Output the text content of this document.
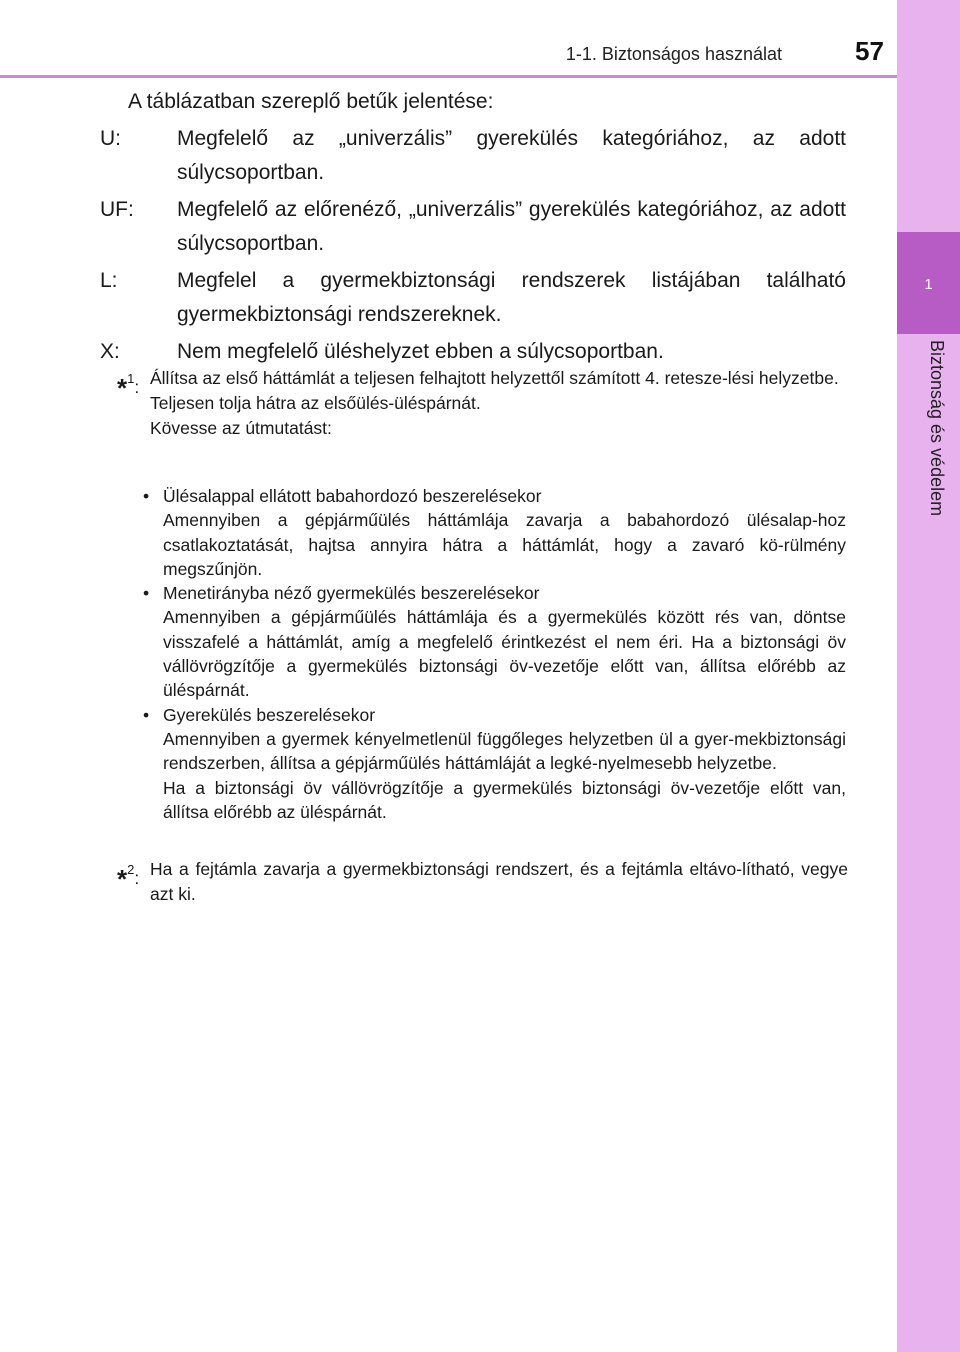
1
Biztonság és védelem
1-1. Biztonságos használat	57
A táblázatban szereplő betűk jelentése:
U:	Megfelelő az „univerzális” gyerekülés kategóriához, az adott súlycsoportban.
UF: Megfelelő az előrenéző, „univerzális” gyerekülés kategóriához, az adott súlycsoportban.
L:	Megfelel a gyermekbiztonsági rendszerek listájában található gyermekbiztonsági rendszereknek.
X:	Nem megfelelő üléshelyzet ebben a súlycsoportban.
*$^1$: Állítsa az első háttámlát a teljesen felhajtott helyzettől számított 4. retesze-lési helyzetbe.
Teljesen tolja hátra az elsőülés-üléspárnát.
Kövesse az útmutatást:
• Ülésalappal ellátott babahordozó beszerelésekor

Amennyiben a gépjárműülés háttámlája zavarja a babahordozó ülésalap-hoz csatlakoztatását, hajtsa annyira hátra a háttámlát, hogy a zavaró kö-rülmény megszűnjön.

• Menetirányba néző gyermekülés beszerelésekor

Amennyiben a gépjárműülés háttámlája és a gyermekülés között rés van, döntse visszafelé a háttámlát, amíg a megfelelő érintkezést el nem éri. Ha a biztonsági öv vállövrögzítője a gyermekülés biztonsági öv-vezetője előtt van, állítsa előrébb az üléspárnát.

• Gyerekülés beszerelésekor

Amennyiben a gyermek kényelmetlenül függőleges helyzetben ül a gyer-mekbiztonsági rendszerben, állítsa a gépjárműülés háttámláját a legké-nyelmesebb helyzetbe.

Ha a biztonsági öv vállövrögzítője a gyermekülés biztonsági öv-vezetője előtt van, állítsa előrébb az üléspárnát.

*$^2$: Ha a fejtámla zavarja a gyermekbiztonsági rendszert, és a fejtámla eltávo-lítható, vegye azt ki.
